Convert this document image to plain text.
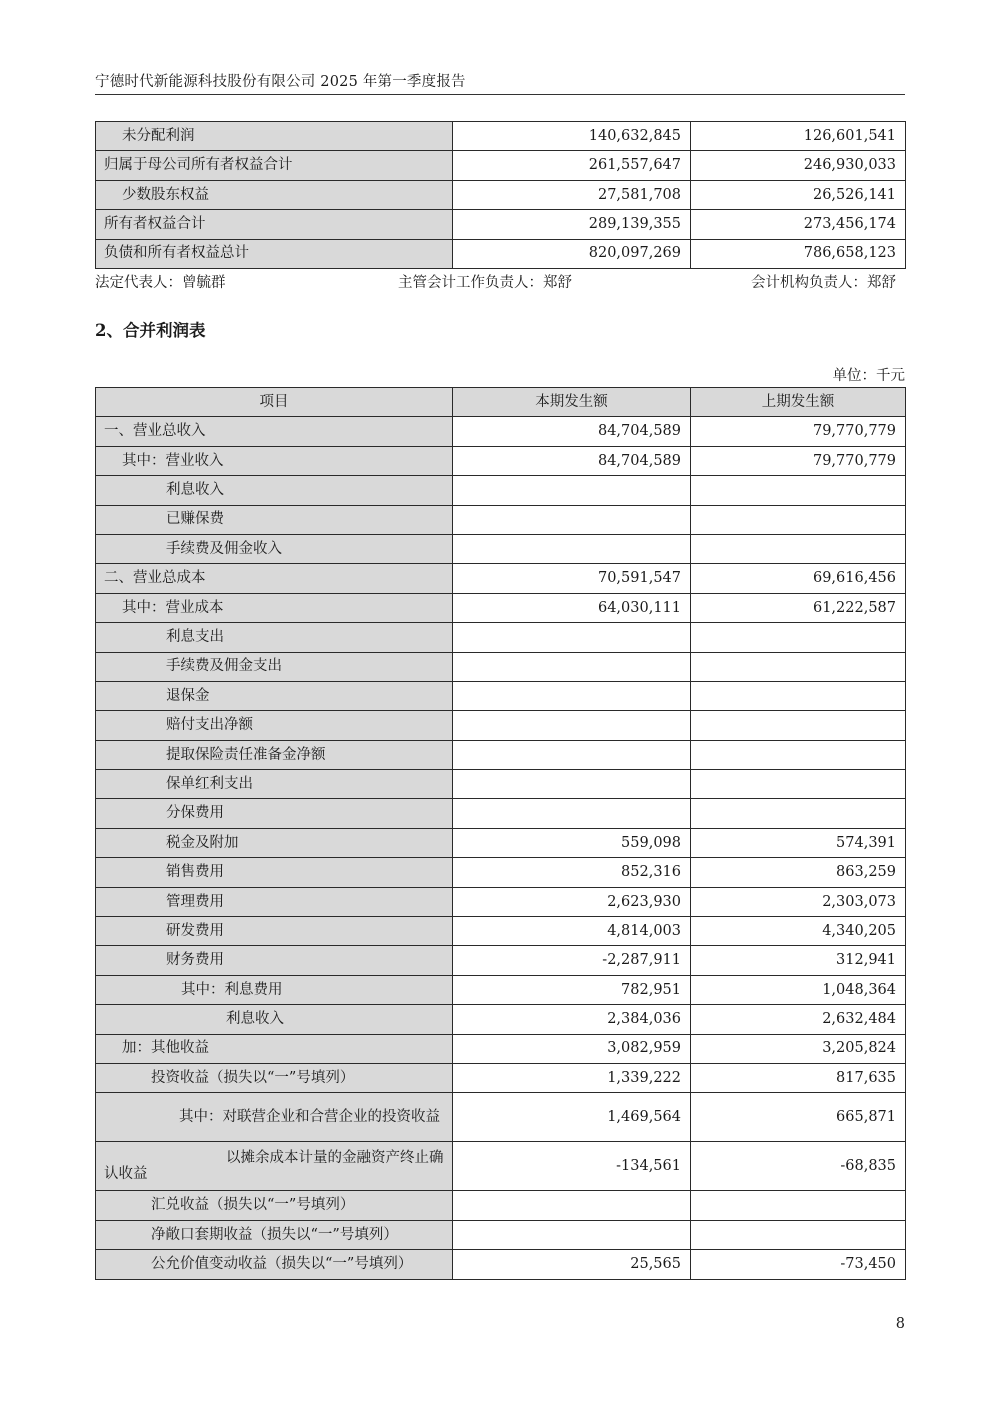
宁德时代新能源科技股份有限公司 2025 年第一季度报告
未分配利润	140,632,845	126,601,541
归属于母公司所有者权益合计	261,557,647	246,930,033
少数股东权益	27,581,708	26,526,141
所有者权益合计	289,139,355	273,456,174
负债和所有者权益总计	820,097,269	786,658,123
法定代表人：曾毓群	主管会计工作负责人：郑舒	会计机构负责人：郑舒
2、合并利润表
单位：千元
项目	本期发生额	上期发生额
一、营业总收入	84,704,589	79,770,779
其中：营业收入	84,704,589	79,770,779
利息收入		
已赚保费		
手续费及佣金收入		
二、营业总成本	70,591,547	69,616,456
其中：营业成本	64,030,111	61,222,587
利息支出		
手续费及佣金支出		
退保金		
赔付支出净额		
提取保险责任准备金净额		
保单红利支出		
分保费用		
税金及附加	559,098	574,391
销售费用	852,316	863,259
管理费用	2,623,930	2,303,073
研发费用	4,814,003	4,340,205
财务费用	-2,287,911	312,941
其中：利息费用	782,951	1,048,364
利息收入	2,384,036	2,632,484
加：其他收益	3,082,959	3,205,824
投资收益（损失以“一”号填列）	1,339,222	817,635
其中：对联营企业和合营企业的投资收益	1,469,564	665,871
以摊余成本计量的金融资产终止确认收益	-134,561	-68,835
汇兑收益（损失以“一”号填列）		
净敞口套期收益（损失以“一”号填列）		
公允价值变动收益（损失以“一”号填列）	25,565	-73,450
8
